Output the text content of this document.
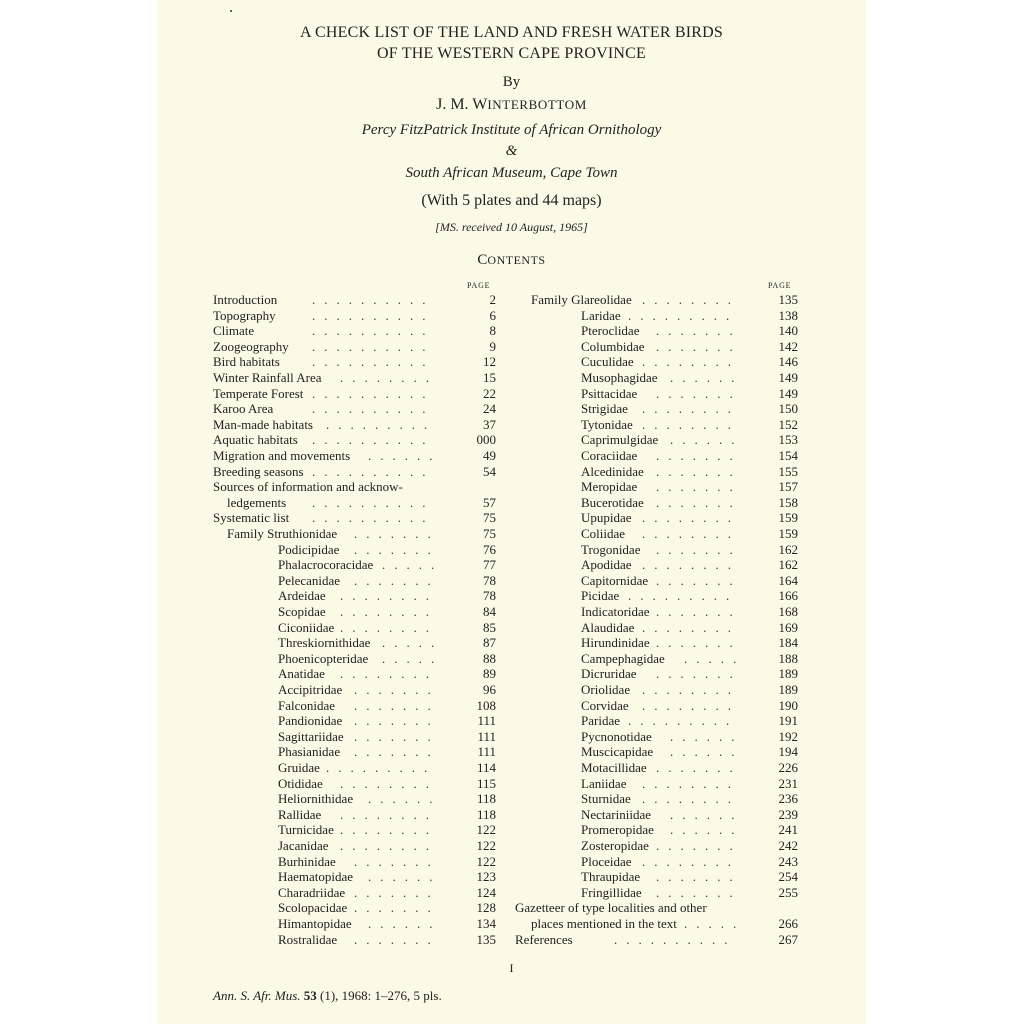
A CHECK LIST OF THE LAND AND FRESH WATER BIRDS
OF THE WESTERN CAPE PROVINCE
By
J. M. WINTERBOTTOM
Percy FitzPatrick Institute of African Ornithology
&
South African Museum, Cape Town
(With 5 plates and 44 maps)
[MS. received 10 August, 1965]
CONTENTS
PAGE	PAGE
Introduction	..........	2
Topography	..........	6
Climate	..........	8
Zoogeography ..........	9
Bird habitats ..........	12
Winter Rainfall Area ........	15
Temperate Forest ..........	22
Karoo Area	..........	24
Man-made habitats .........	37
Aquatic habitats ..........	000
Migration and movements ......	49
Breeding seasons ..........	54
Sources of information and acknow-
ledgements ..........	57
Systematic list ..........	75
Family Struthionidae .......	75
Podicipidae .......	76
Phalacrocoracidae .....	77
Pelecanidae .......	78
Ardeidae ........	78
Scopidae ........	84
Ciconiidae ........	85
Threskiornithidae .....	87
Phoenicopteridae .....	88
Anatidae ........	89
Accipitridae .......	96
Falconidae .......	108
Pandionidae .......	111
Sagittariidae .......	111
Phasianidae .......	111
Gruidae .........	114
Otididae ........	115
Heliornithidae ......	118
Rallidae ........	118
Turnicidae ........	122
Jacanidae ........	122
Burhinidae .......	122
Haematopidae ......	123
Charadriidae .......	124
Scolopacidae .......	128
Himantopidae ......	134
Rostralidae .......	135
Family Glareolidae ........	135
Laridae .........	138
Pteroclidae .......	140
Columbidae .......	142
Cuculidae ........	146
Musophagidae ......	149
Psittacidae .......	149
Strigidae ........	150
Tytonidae ........	152
Caprimulgidae ......	153
Coraciidae .......	154
Alcedinidae .......	155
Meropidae .......	157
Bucerotidae .......	158
Upupidae ........	159
Coliidae ........	159
Trogonidae .......	162
Apodidae ........	162
Capitornidae .......	164
Picidae .........	166
Indicatoridae .......	168
Alaudidae ........	169
Hirundinidae .......	184
Campephagidae .....	188
Dicruridae .......	189
Oriolidae ........	189
Corvidae ........	190
Paridae .........	191
Pycnonotidae ......	192
Muscicapidae ......	194
Motacillidae .......	226
Laniidae ........	231
Sturnidae ........	236
Nectariniidae ......	239
Promeropidae ......	241
Zosteropidae .......	242
Ploceidae ........	243
Thraupidae .......	254
Fringillidae .......	255
Gazetteer of type localities and other
places mentioned in the text .....	266
References	..........	267
I
Ann. S. Afr. Mus. 53 (1), 1968: 1–276, 5 pls.
